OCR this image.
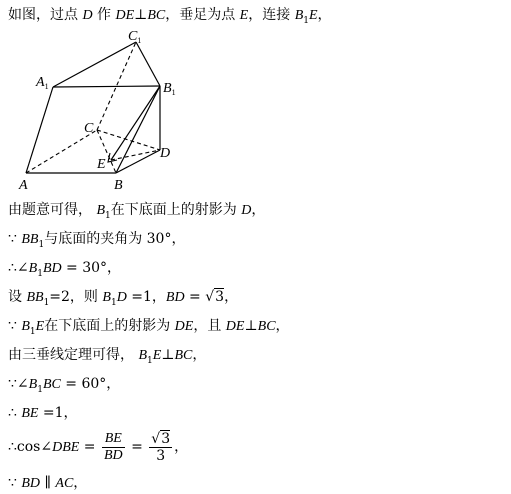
如图，过点 D 作 DE⊥BC，垂足为点 E，连接 $B_1E$，
$C_1$
$A_1$	$B_1$
C
E
D
A	B
由题意可得， $B_1$在下底面上的射影为 D，
∵ $BB_1$与底面的夹角为 30°，
$\therefore\angle B_1BD = 30^\circ$，
设 $BB_1=2$，则 $B_1D =1$，BD = √3，
∵ $B_1E$在下底面上的射影为 DE，且 DE⊥BC，
由三垂线定理可得， $B_1E\perp BC$，
$\because\angle B_1BC = 60^\circ$，
∴ BE =1，
∴cos∠DBE = $\frac{BE}{BD} = \frac{√3}{3}$ ，
∵ BD ∥ AC，
